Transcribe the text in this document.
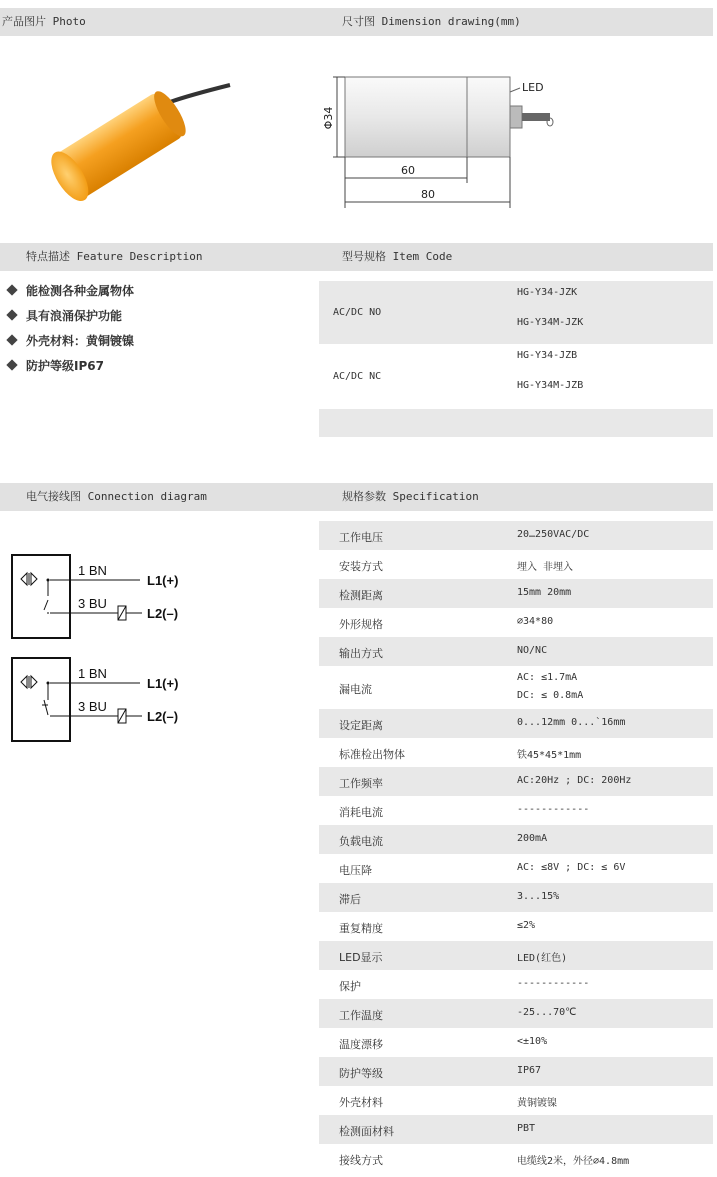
产品图片 Photo	尺寸图 Dimension drawing(mm)
LED
Φ34
60
80
特点描述 Feature Description	型号规格 Item Code
能检测各种金属物体
具有浪涌保护功能
外壳材料：黄铜镀镍
防护等级IP67
AC/DC NO
HG-Y34-JZK
HG-Y34M-JZK
AC/DC NC
HG-Y34-JZB
HG-Y34M-JZB
电气接线图 Connection diagram	规格参数 Specification
1 BN
3 BU
L1(+)
L2(–)
1 BN
3 BU
L1(+)
L2(–)
工作电压	20…250VAC/DC
安装方式	埋入 非埋入
检测距离	15mm 20mm
外形规格	∅34*80
输出方式	NO/NC
漏电流
AC: ≤1.7mA
DC: ≤ 0.8mA
设定距离	0...12mm 0...`16mm
标准检出物体	铁45*45*1mm
工作频率	AC:20Hz ; DC: 200Hz
消耗电流	------------
负载电流	200mA
电压降	AC: ≤8V ; DC: ≤ 6V
滞后	3...15%
重复精度	≤2%
LED显示	LED(红色)
保护	------------
工作温度	-25...70℃
温度漂移	<±10%
防护等级	IP67
外壳材料	黄铜镀镍
检测面材料	PBT
接线方式	电缆线2米，外径∅4.8mm
